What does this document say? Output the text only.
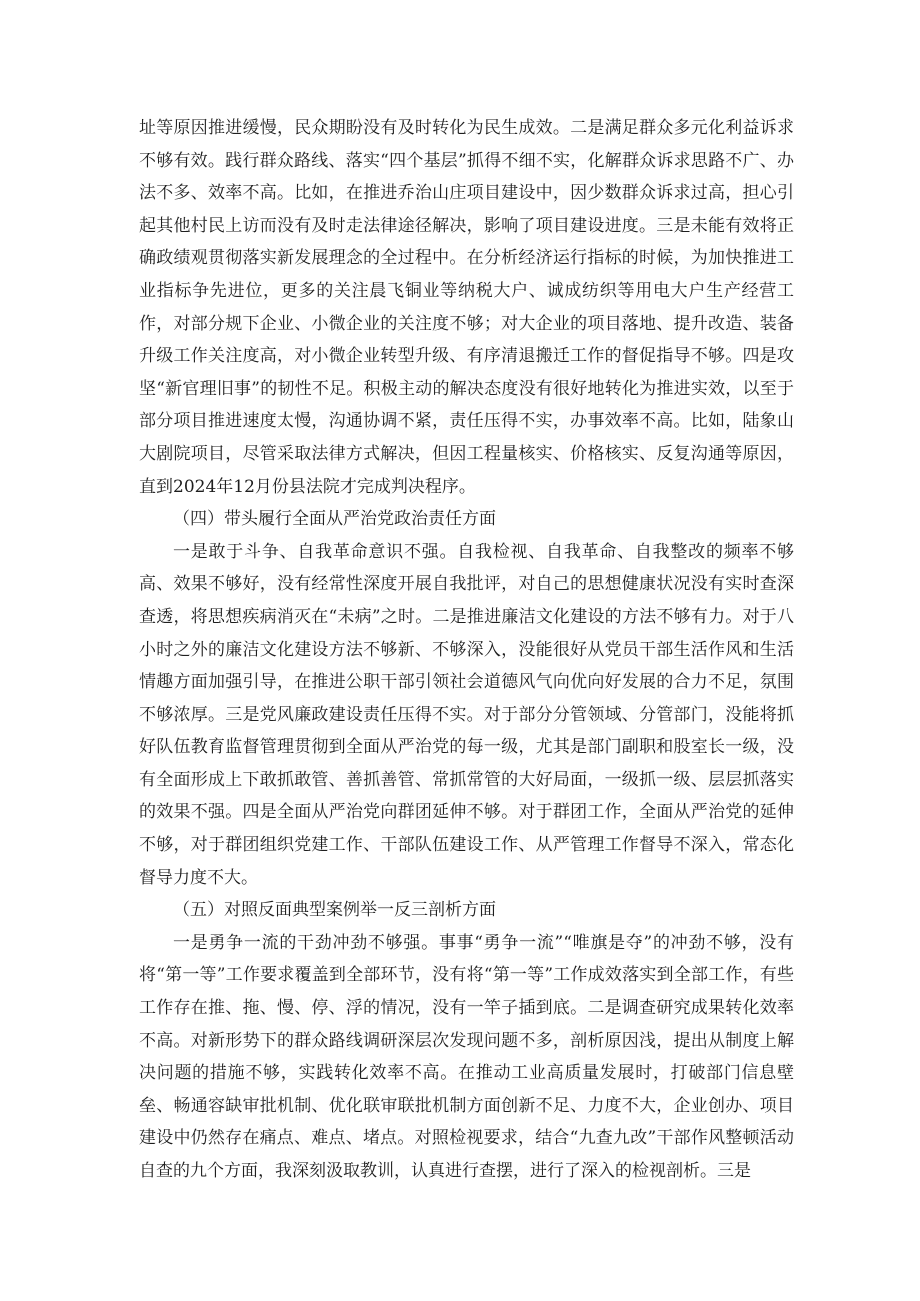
址等原因推进缓慢，民众期盼没有及时转化为民生成效。二是满足群众多元化利益诉求不够有效。践行群众路线、落实“四个基层”抓得不细不实，化解群众诉求思路不广、办法不多、效率不高。比如，在推进乔治山庄项目建设中，因少数群众诉求过高，担心引起其他村民上访而没有及时走法律途径解决，影响了项目建设进度。三是未能有效将正确政绩观贯彻落实新发展理念的全过程中。在分析经济运行指标的时候，为加快推进工业指标争先进位，更多的关注晨飞铜业等纳税大户、诚成纺织等用电大户生产经营工作，对部分规下企业、小微企业的关注度不够；对大企业的项目落地、提升改造、装备升级工作关注度高，对小微企业转型升级、有序清退搬迁工作的督促指导不够。四是攻坚“新官理旧事”的韧性不足。积极主动的解决态度没有很好地转化为推进实效，以至于部分项目推进速度太慢，沟通协调不紧，责任压得不实，办事效率不高。比如，陆象山大剧院项目，尽管采取法律方式解决，但因工程量核实、价格核实、反复沟通等原因，直到2024年12月份县法院才完成判决程序。

（四）带头履行全面从严治党政治责任方面

一是敢于斗争、自我革命意识不强。自我检视、自我革命、自我整改的频率不够高、效果不够好，没有经常性深度开展自我批评，对自己的思想健康状况没有实时查深查透，将思想疾病消灭在“未病”之时。二是推进廉洁文化建设的方法不够有力。对于八小时之外的廉洁文化建设方法不够新、不够深入，没能很好从党员干部生活作风和生活情趣方面加强引导，在推进公职干部引领社会道德风气向优向好发展的合力不足，氛围不够浓厚。三是党风廉政建设责任压得不实。对于部分分管领域、分管部门，没能将抓好队伍教育监督管理贯彻到全面从严治党的每一级，尤其是部门副职和股室长一级，没有全面形成上下敢抓敢管、善抓善管、常抓常管的大好局面，一级抓一级、层层抓落实的效果不强。四是全面从严治党向群团延伸不够。对于群团工作，全面从严治党的延伸不够，对于群团组织党建工作、干部队伍建设工作、从严管理工作督导不深入，常态化督导力度不大。

（五）对照反面典型案例举一反三剖析方面

一是勇争一流的干劲冲劲不够强。事事“勇争一流”“唯旗是夺”的冲劲不够，没有将“第一等”工作要求覆盖到全部环节，没有将“第一等”工作成效落实到全部工作，有些工作存在推、拖、慢、停、浮的情况，没有一竿子插到底。二是调查研究成果转化效率不高。对新形势下的群众路线调研深层次发现问题不多，剖析原因浅，提出从制度上解决问题的措施不够，实践转化效率不高。在推动工业高质量发展时，打破部门信息壁垒、畅通容缺审批机制、优化联审联批机制方面创新不足、力度不大，企业创办、项目建设中仍然存在痛点、难点、堵点。对照检视要求，结合“九查九改”干部作风整顿活动自查的九个方面，我深刻汲取教训，认真进行查摆，进行了深入的检视剖析。三是
